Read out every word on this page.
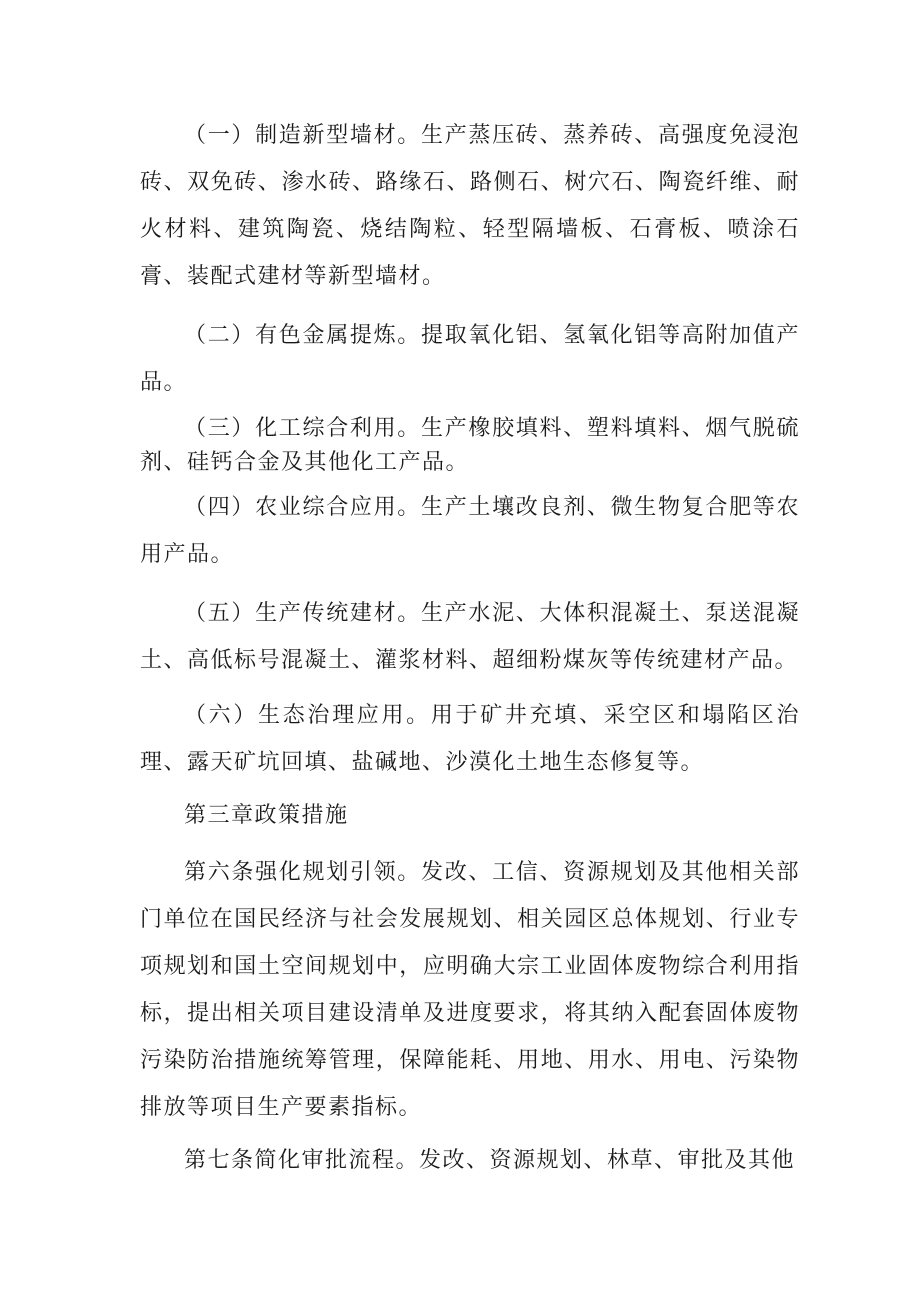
（一）制造新型墙材。生产蒸压砖、蒸养砖、高强度免浸泡砖、双免砖、渗水砖、路缘石、路侧石、树穴石、陶瓷纤维、耐火材料、建筑陶瓷、烧结陶粒、轻型隔墙板、石膏板、喷涂石膏、装配式建材等新型墙材。

（二）有色金属提炼。提取氧化铝、氢氧化铝等高附加值产品。

（三）化工综合利用。生产橡胶填料、塑料填料、烟气脱硫剂、硅钙合金及其他化工产品。

（四）农业综合应用。生产土壤改良剂、微生物复合肥等农用产品。

（五）生产传统建材。生产水泥、大体积混凝土、泵送混凝土、高低标号混凝土、灌浆材料、超细粉煤灰等传统建材产品。

（六）生态治理应用。用于矿井充填、采空区和塌陷区治理、露天矿坑回填、盐碱地、沙漠化土地生态修复等。

第三章政策措施

第六条强化规划引领。发改、工信、资源规划及其他相关部门单位在国民经济与社会发展规划、相关园区总体规划、行业专项规划和国土空间规划中，应明确大宗工业固体废物综合利用指标，提出相关项目建设清单及进度要求，将其纳入配套固体废物污染防治措施统筹管理，保障能耗、用地、用水、用电、污染物排放等项目生产要素指标。

第七条简化审批流程。发改、资源规划、林草、审批及其他
